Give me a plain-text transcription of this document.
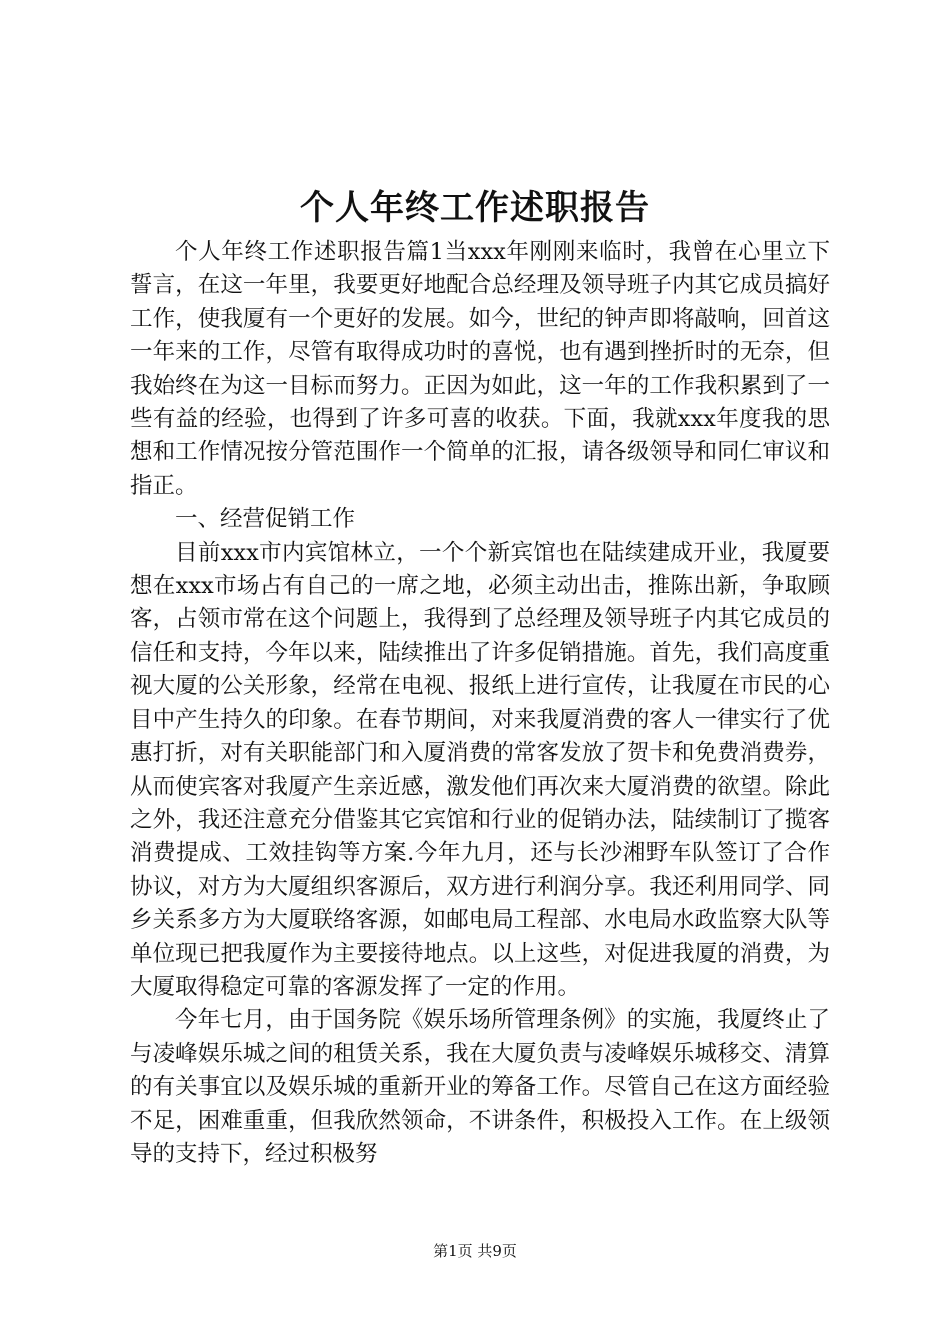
个人年终工作述职报告

个人年终工作述职报告篇1当xxx年刚刚来临时，我曾在心里立下誓言，在这一年里，我要更好地配合总经理及领导班子内其它成员搞好工作，使我厦有一个更好的发展。如今，世纪的钟声即将敲响，回首这一年来的工作，尽管有取得成功时的喜悦，也有遇到挫折时的无奈，但我始终在为这一目标而努力。正因为如此，这一年的工作我积累到了一些有益的经验，也得到了许多可喜的收获。下面，我就xxx年度我的思想和工作情况按分管范围作一个简单的汇报，请各级领导和同仁审议和指正。

一、经营促销工作

目前xxx市内宾馆林立，一个个新宾馆也在陆续建成开业，我厦要想在xxx市场占有自己的一席之地，必须主动出击，推陈出新，争取顾客，占领市常在这个问题上，我得到了总经理及领导班子内其它成员的信任和支持，今年以来，陆续推出了许多促销措施。首先，我们高度重视大厦的公关形象，经常在电视、报纸上进行宣传，让我厦在市民的心目中产生持久的印象。在春节期间，对来我厦消费的客人一律实行了优惠打折，对有关职能部门和入厦消费的常客发放了贺卡和免费消费券，从而使宾客对我厦产生亲近感，激发他们再次来大厦消费的欲望。除此之外，我还注意充分借鉴其它宾馆和行业的促销办法，陆续制订了揽客消费提成、工效挂钩等方案.今年九月，还与长沙湘野车队签订了合作协议，对方为大厦组织客源后，双方进行利润分享。我还利用同学、同乡关系多方为大厦联络客源，如邮电局工程部、水电局水政监察大队等单位现已把我厦作为主要接待地点。以上这些，对促进我厦的消费，为大厦取得稳定可靠的客源发挥了一定的作用。

今年七月，由于国务院《娱乐场所管理条例》的实施，我厦终止了与凌峰娱乐城之间的租赁关系，我在大厦负责与凌峰娱乐城移交、清算的有关事宜以及娱乐城的重新开业的筹备工作。尽管自己在这方面经验不足，困难重重，但我欣然领命，不讲条件，积极投入工作。在上级领导的支持下，经过积极努

第1页 共9页
